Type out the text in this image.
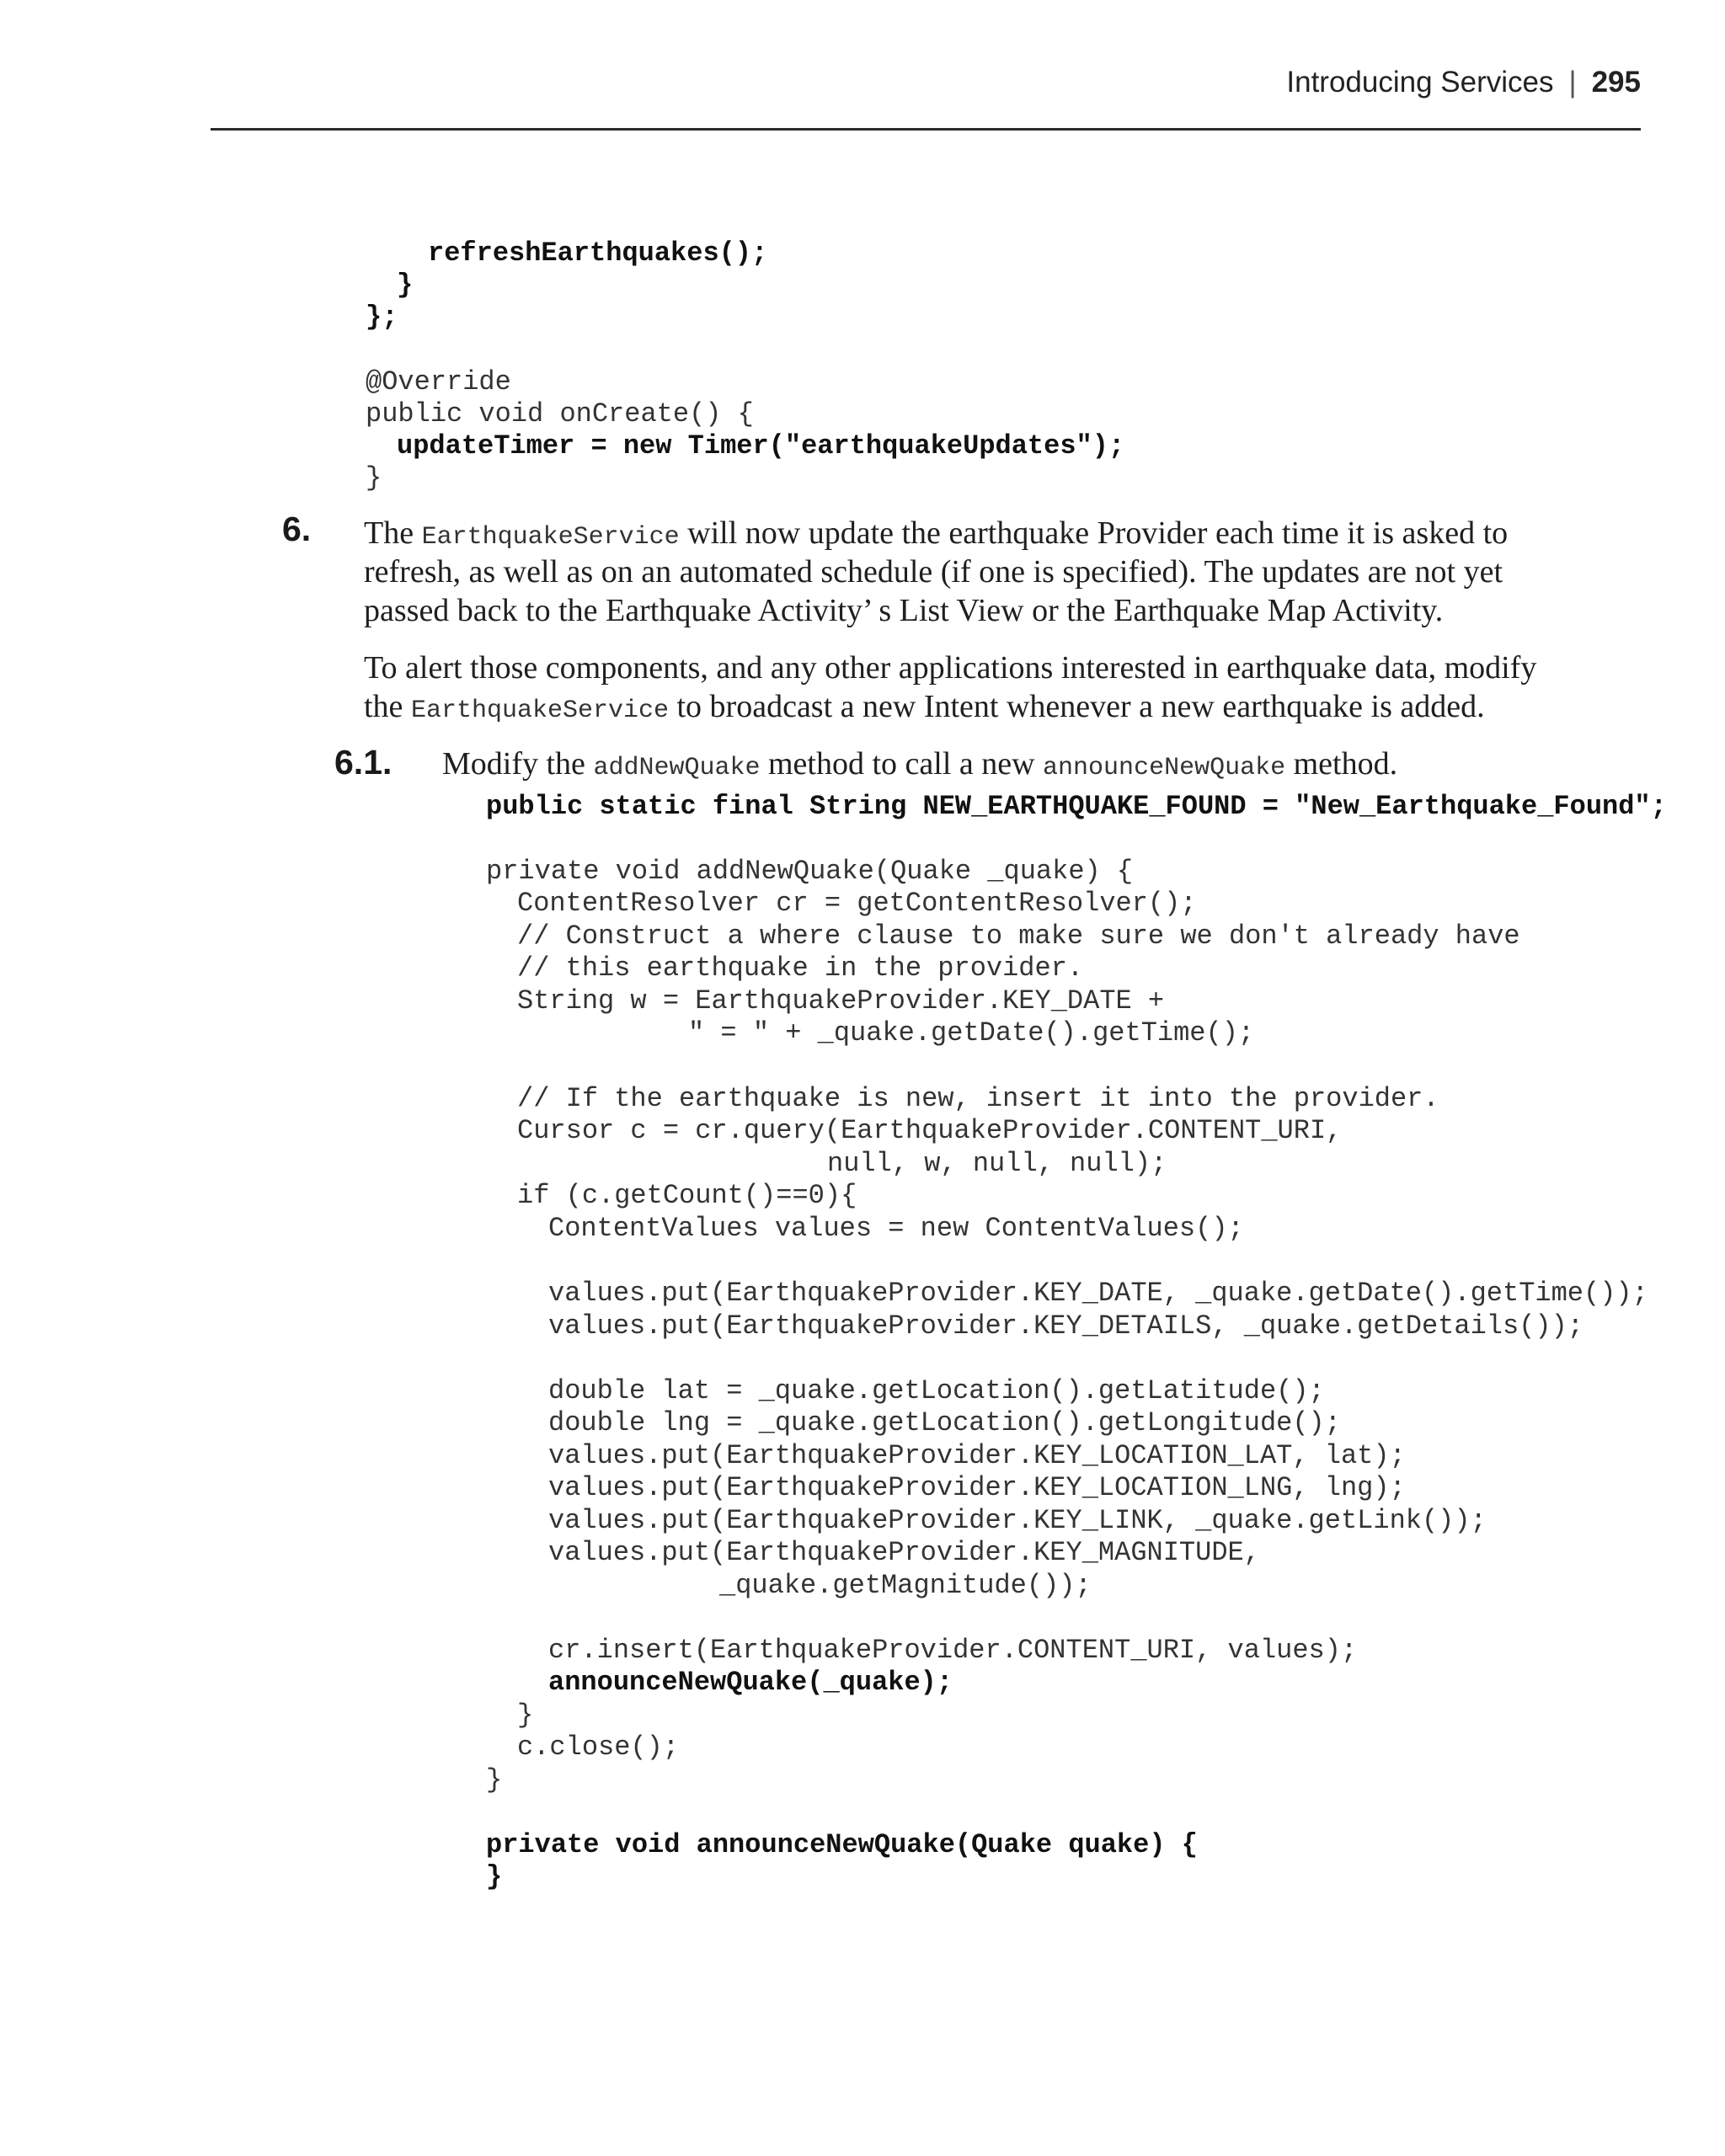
Introducing Services | 295
refreshEarthquakes();
}
};
@Override
public void onCreate() {
updateTimer = new Timer("earthquakeUpdates");
}
6. The EarthquakeService will now update the earthquake Provider each time it is asked to
refresh, as well as on an automated schedule (if one is specified). The updates are not yet
passed back to the Earthquake Activity’ s List View or the Earthquake Map Activity.
To alert those components, and any other applications interested in earthquake data, modify
the EarthquakeService to broadcast a new Intent whenever a new earthquake is added.
6.1. Modify the addNewQuake method to call a new announceNewQuake method.
public static final String NEW_EARTHQUAKE_FOUND = "New_Earthquake_Found";
private void addNewQuake(Quake _quake) {
ContentResolver cr = getContentResolver();
// Construct a where clause to make sure we don't already have
// this earthquake in the provider.
String w = EarthquakeProvider.KEY_DATE +
" = " + _quake.getDate().getTime();
// If the earthquake is new, insert it into the provider.
Cursor c = cr.query(EarthquakeProvider.CONTENT_URI,
null, w, null, null);
if (c.getCount()==0){
ContentValues values = new ContentValues();
values.put(EarthquakeProvider.KEY_DATE, _quake.getDate().getTime());
values.put(EarthquakeProvider.KEY_DETAILS, _quake.getDetails());
double lat = _quake.getLocation().getLatitude();
double lng = _quake.getLocation().getLongitude();
values.put(EarthquakeProvider.KEY_LOCATION_LAT, lat);
values.put(EarthquakeProvider.KEY_LOCATION_LNG, lng);
values.put(EarthquakeProvider.KEY_LINK, _quake.getLink());
values.put(EarthquakeProvider.KEY_MAGNITUDE,
_quake.getMagnitude());
cr.insert(EarthquakeProvider.CONTENT_URI, values);
announceNewQuake(_quake);
}
c.close();
}
private void announceNewQuake(Quake quake) {
}
